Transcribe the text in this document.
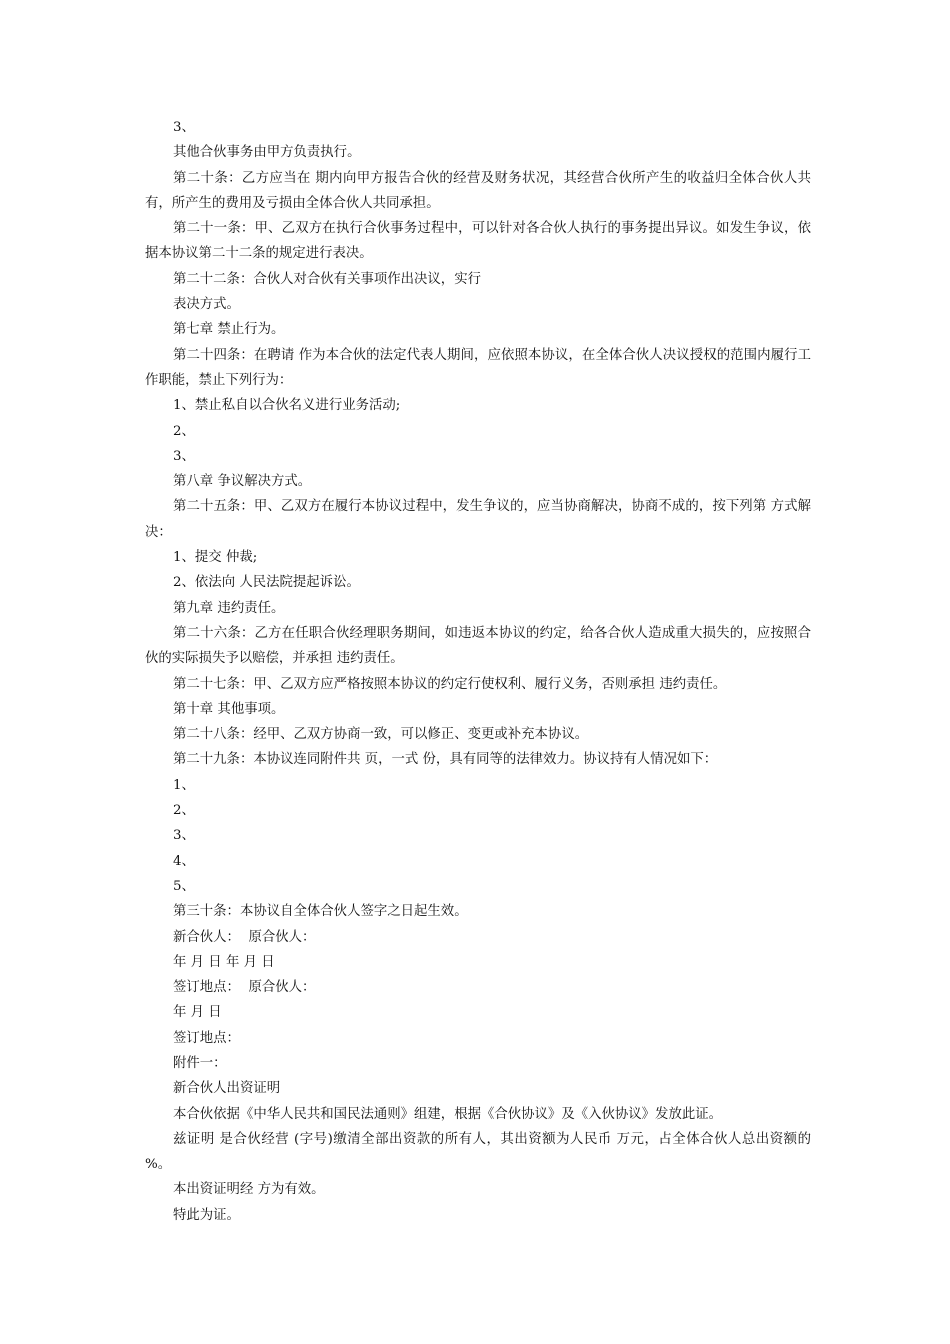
3、

其他合伙事务由甲方负责执行。

第二十条：乙方应当在 期内向甲方报告合伙的经营及财务状况，其经营合伙所产生的收益归全体合伙人共有，所产生的费用及亏损由全体合伙人共同承担。

第二十一条：甲、乙双方在执行合伙事务过程中，可以针对各合伙人执行的事务提出异议。如发生争议，依据本协议第二十二条的规定进行表决。

第二十二条：合伙人对合伙有关事项作出决议，实行

表决方式。

第七章 禁止行为。

第二十四条：在聘请 作为本合伙的法定代表人期间，应依照本协议，在全体合伙人决议授权的范围内履行工作职能，禁止下列行为：

1、禁止私自以合伙名义进行业务活动;

2、

3、

第八章 争议解决方式。

第二十五条：甲、乙双方在履行本协议过程中，发生争议的，应当协商解决，协商不成的，按下列第 方式解决：

1、提交 仲裁;

2、依法向 人民法院提起诉讼。

第九章 违约责任。

第二十六条：乙方在任职合伙经理职务期间，如违返本协议的约定，给各合伙人造成重大损失的，应按照合伙的实际损失予以赔偿，并承担 违约责任。

第二十七条：甲、乙双方应严格按照本协议的约定行使权利、履行义务，否则承担 违约责任。

第十章 其他事项。

第二十八条：经甲、乙双方协商一致，可以修正、变更或补充本协议。

第二十九条：本协议连同附件共 页，一式 份，具有同等的法律效力。协议持有人情况如下：

1、

2、

3、

4、

5、

第三十条：本协议自全体合伙人签字之日起生效。

新合伙人：  原合伙人：

年 月 日 年 月 日

签订地点：  原合伙人：

年 月 日

签订地点：

附件一：

新合伙人出资证明

本合伙依据《中华人民共和国民法通则》组建，根据《合伙协议》及《入伙协议》发放此证。

兹证明 是合伙经营 (字号)缴清全部出资款的所有人，其出资额为人民币 万元，占全体合伙人总出资额的 %。

本出资证明经 方为有效。

特此为证。
